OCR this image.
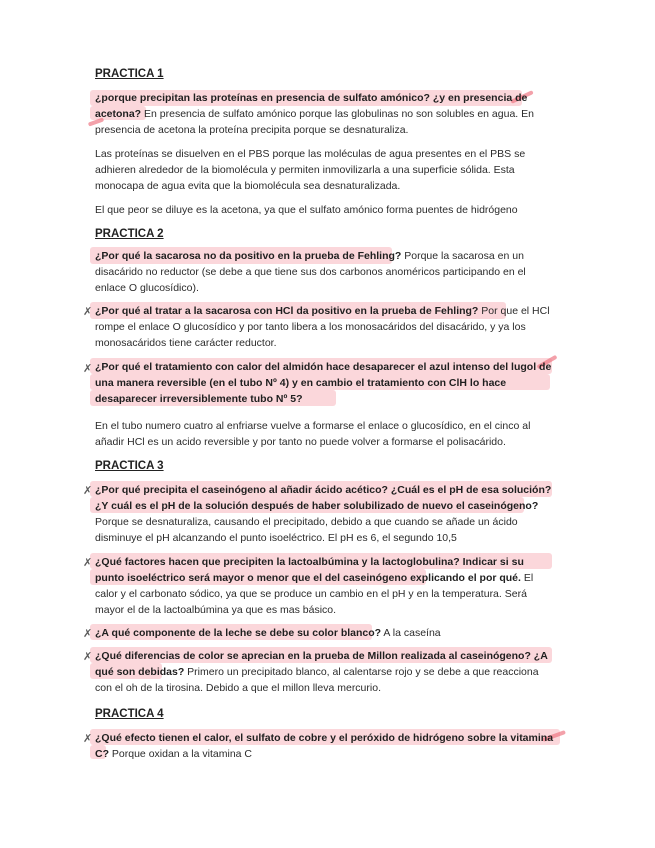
✗
✗
✗
✗
✗
✗
✗
PRACTICA 1
¿porque precipitan las proteínas en presencia de sulfato amónico? ¿y en presencia de acetona? En presencia de sulfato amónico porque las globulinas no son solubles en agua. En presencia de acetona la proteína precipita porque se desnaturaliza.
Las proteínas se disuelven en el PBS porque las moléculas de agua presentes en el PBS se adhieren alrededor de la biomolécula y permiten inmovilizarla a una superficie sólida. Esta monocapa de agua evita que la biomolécula sea desnaturalizada.
El que peor se diluye es la acetona, ya que el sulfato amónico forma puentes de hidrógeno
PRACTICA 2
¿Por qué la sacarosa no da positivo en la prueba de Fehling? Porque la sacarosa en un disacárido no reductor (se debe a que tiene sus dos carbonos anoméricos participando en el enlace O glucosídico).
¿Por qué al tratar a la sacarosa con HCl da positivo en la prueba de Fehling? Por que el HCl rompe el enlace O glucosídico y por tanto libera a los monosacáridos del disacárido, y ya los monosacáridos tiene carácter reductor.
¿Por qué el tratamiento con calor del almidón hace desaparecer el azul intenso del lugol de una manera reversible (en el tubo Nº 4) y en cambio el tratamiento con ClH lo hace desaparecer irreversiblemente tubo Nº 5?
En el tubo numero cuatro al enfriarse vuelve a formarse el enlace o glucosídico, en el cinco al añadir HCl es un acido reversible y por tanto no puede volver a formarse el polisacárido.
PRACTICA 3
¿Por qué precipita el caseinógeno al añadir ácido acético? ¿Cuál es el pH de esa solución? ¿Y cuál es el pH de la solución después de haber solubilizado de nuevo el caseinógeno? Porque se desnaturaliza, causando el precipitado, debido a que cuando se añade un ácido disminuye el pH alcanzando el punto isoeléctrico. El pH es 6, el segundo 10,5
¿Qué factores hacen que precipiten la lactoalbúmina y la lactoglobulina? Indicar si su punto isoeléctrico será mayor o menor que el del caseinógeno explicando el por qué. El calor y el carbonato sódico, ya que se produce un cambio en el pH y en la temperatura. Será mayor el de la lactoalbúmina ya que es mas básico.
¿A qué componente de la leche se debe su color blanco? A la caseína
¿Qué diferencias de color se aprecian en la prueba de Millon realizada al caseinógeno? ¿A qué son debidas? Primero un precipitado blanco, al calentarse rojo y se debe a que reacciona con el oh de la tirosina. Debido a que el millon lleva mercurio.
PRACTICA 4
¿Qué efecto tienen el calor, el sulfato de cobre y el peróxido de hidrógeno sobre la vitamina C? Porque oxidan a la vitamina C
